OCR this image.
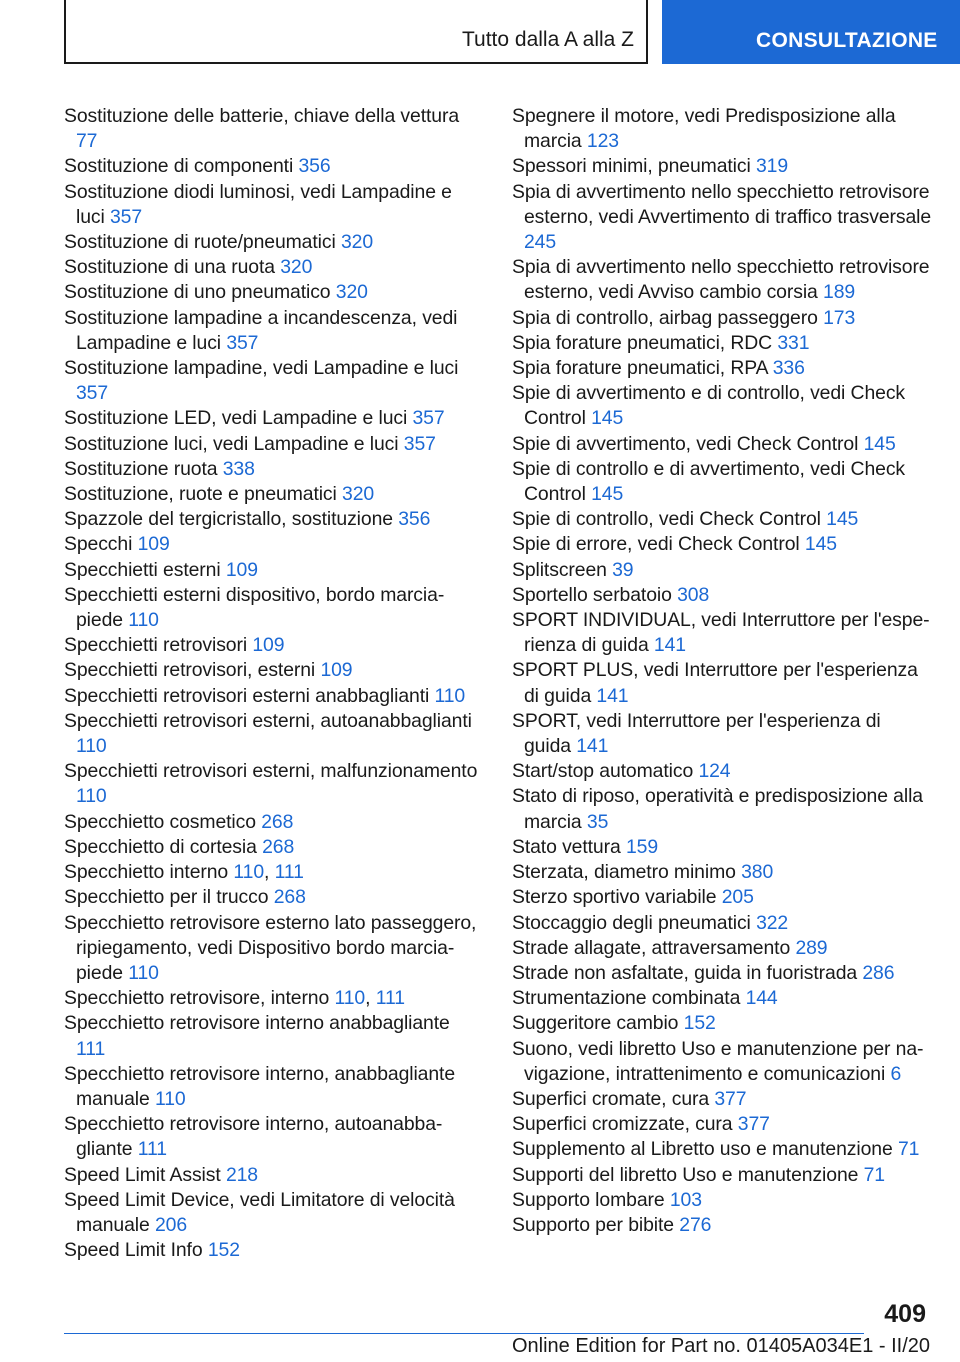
Tutto dalla A alla Z	CONSULTAZIONE
Sostituzione delle batterie, chiave della vettura 77
Sostituzione di componenti 356
Sostituzione diodi luminosi, vedi Lampadine e luci 357
Sostituzione di ruote/pneumatici 320
Sostituzione di una ruota 320
Sostituzione di uno pneumatico 320
Sostituzione lampadine a incandescenza, vedi Lampadine e luci 357
Sostituzione lampadine, vedi Lampadine e luci 357
Sostituzione LED, vedi Lampadine e luci 357
Sostituzione luci, vedi Lampadine e luci 357
Sostituzione ruota 338
Sostituzione, ruote e pneumatici 320
Spazzole del tergicristallo, sostituzione 356
Specchi 109
Specchietti esterni 109
Specchietti esterni dispositivo, bordo marciapiede 110
Specchietti retrovisori 109
Specchietti retrovisori, esterni 109
Specchietti retrovisori esterni anabbaglianti 110
Specchietti retrovisori esterni, autoanabbaglianti 110
Specchietti retrovisori esterni, malfunzionamento 110
Specchietto cosmetico 268
Specchietto di cortesia 268
Specchietto interno 110, 111
Specchietto per il trucco 268
Specchietto retrovisore esterno lato passeggero, ripiegamento, vedi Dispositivo bordo marciapiede 110
Specchietto retrovisore, interno 110, 111
Specchietto retrovisore interno anabbagliante 111
Specchietto retrovisore interno, anabbagliante manuale 110
Specchietto retrovisore interno, autoanabbagliante 111
Speed Limit Assist 218
Speed Limit Device, vedi Limitatore di velocità manuale 206
Speed Limit Info 152
Spegnere il motore, vedi Predisposizione alla marcia 123
Spessori minimi, pneumatici 319
Spia di avvertimento nello specchietto retrovisore esterno, vedi Avvertimento di traffico trasversale 245
Spia di avvertimento nello specchietto retrovisore esterno, vedi Avviso cambio corsia 189
Spia di controllo, airbag passeggero 173
Spia forature pneumatici, RDC 331
Spia forature pneumatici, RPA 336
Spie di avvertimento e di controllo, vedi Check Control 145
Spie di avvertimento, vedi Check Control 145
Spie di controllo e di avvertimento, vedi Check Control 145
Spie di controllo, vedi Check Control 145
Spie di errore, vedi Check Control 145
Splitscreen 39
Sportello serbatoio 308
SPORT INDIVIDUAL, vedi Interruttore per l'esperienza di guida 141
SPORT PLUS, vedi Interruttore per l'esperienza di guida 141
SPORT, vedi Interruttore per l'esperienza di guida 141
Start/stop automatico 124
Stato di riposo, operatività e predisposizione alla marcia 35
Stato vettura 159
Sterzata, diametro minimo 380
Sterzo sportivo variabile 205
Stoccaggio degli pneumatici 322
Strade allagate, attraversamento 289
Strade non asfaltate, guida in fuoristrada 286
Strumentazione combinata 144
Suggeritore cambio 152
Suono, vedi libretto Uso e manutenzione per navigazione, intrattenimento e comunicazioni 6
Superfici cromate, cura 377
Superfici cromizzate, cura 377
Supplemento al Libretto uso e manutenzione 71
Supporti del libretto Uso e manutenzione 71
Supporto lombare 103
Supporto per bibite 276
409
Online Edition for Part no. 01405A034E1 - II/20
